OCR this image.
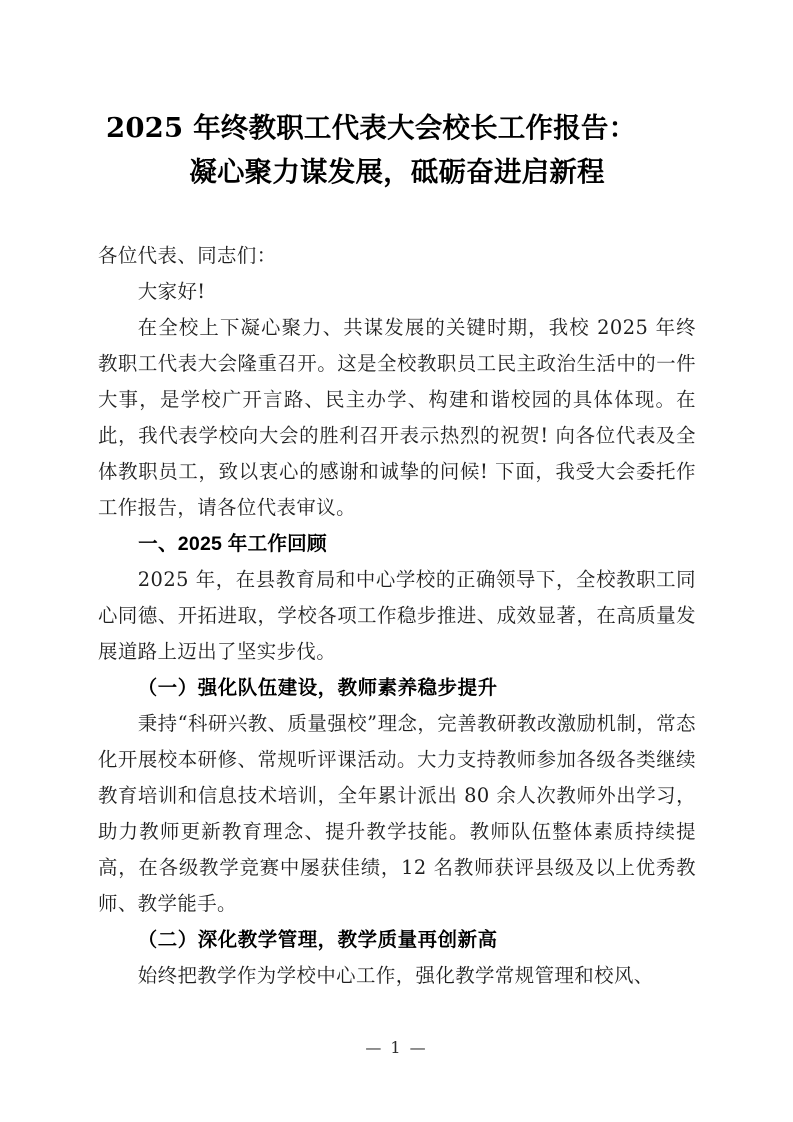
2025 年终教职工代表大会校长工作报告：
凝心聚力谋发展，砥砺奋进启新程

各位代表、同志们：

大家好!

在全校上下凝心聚力、共谋发展的关键时期，我校 2025 年终教职工代表大会隆重召开。这是全校教职员工民主政治生活中的一件大事，是学校广开言路、民主办学、构建和谐校园的具体体现。在此，我代表学校向大会的胜利召开表示热烈的祝贺! 向各位代表及全体教职员工，致以衷心的感谢和诚挚的问候! 下面，我受大会委托作工作报告，请各位代表审议。

一、2025 年工作回顾

2025 年，在县教育局和中心学校的正确领导下，全校教职工同心同德、开拓进取，学校各项工作稳步推进、成效显著，在高质量发展道路上迈出了坚实步伐。

（一）强化队伍建设，教师素养稳步提升

秉持“科研兴教、质量强校”理念，完善教研教改激励机制，常态化开展校本研修、常规听评课活动。大力支持教师参加各级各类继续教育培训和信息技术培训，全年累计派出 80 余人次教师外出学习，助力教师更新教育理念、提升教学技能。教师队伍整体素质持续提高，在各级教学竞赛中屡获佳绩，12 名教师获评县级及以上优秀教师、教学能手。

（二）深化教学管理，教学质量再创新高

始终把教学作为学校中心工作，强化教学常规管理和校风、

— 1 —
